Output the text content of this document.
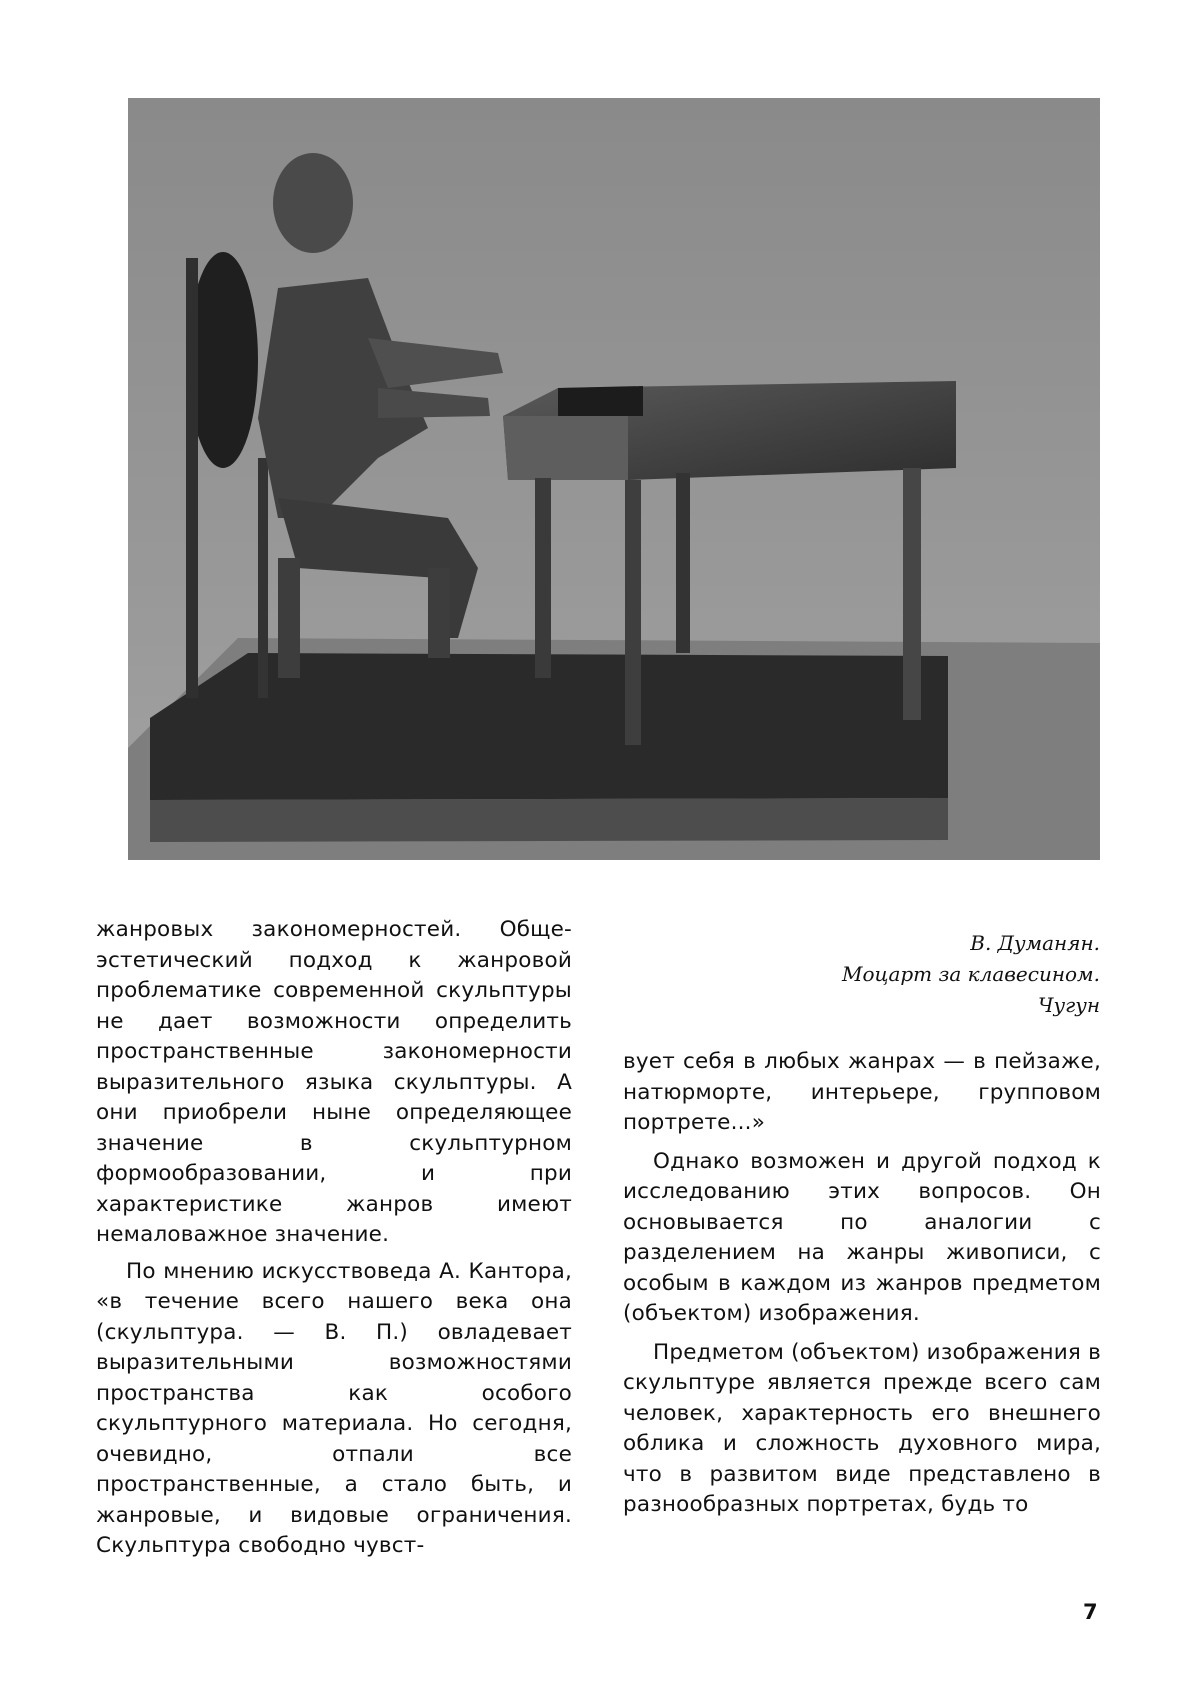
В. Думанян.
Моцарт за клавесином.
Чугун

жанровых закономерностей. Обще-эстетический подход к жанровой проблематике современной скульптуры не дает возможности определить пространственные закономерности выразительного языка скульптуры. А они приобрели ныне определяющее значение в скульптурном формообразовании, и при характеристике жанров имеют немаловажное значение.

По мнению искусствоведа А. Кантора, «в течение всего нашего века она (скульптура. — В. П.) овладевает выразительными возможностями пространства как особого скульптурного материала. Но сегодня, очевидно, отпали все пространственные, а стало быть, и жанровые, и видовые ограничения. Скульптура свободно чувст-

вует себя в любых жанрах — в пейзаже, натюрморте, интерьере, групповом портрете...»

Однако возможен и другой подход к исследованию этих вопросов. Он основывается по аналогии с разделением на жанры живописи, с особым в каждом из жанров предметом (объектом) изображения.

Предметом (объектом) изображения в скульптуре является прежде всего сам человек, характерность его внешнего облика и сложность духовного мира, что в развитом виде представлено в разнообразных портретах, будь то

7
